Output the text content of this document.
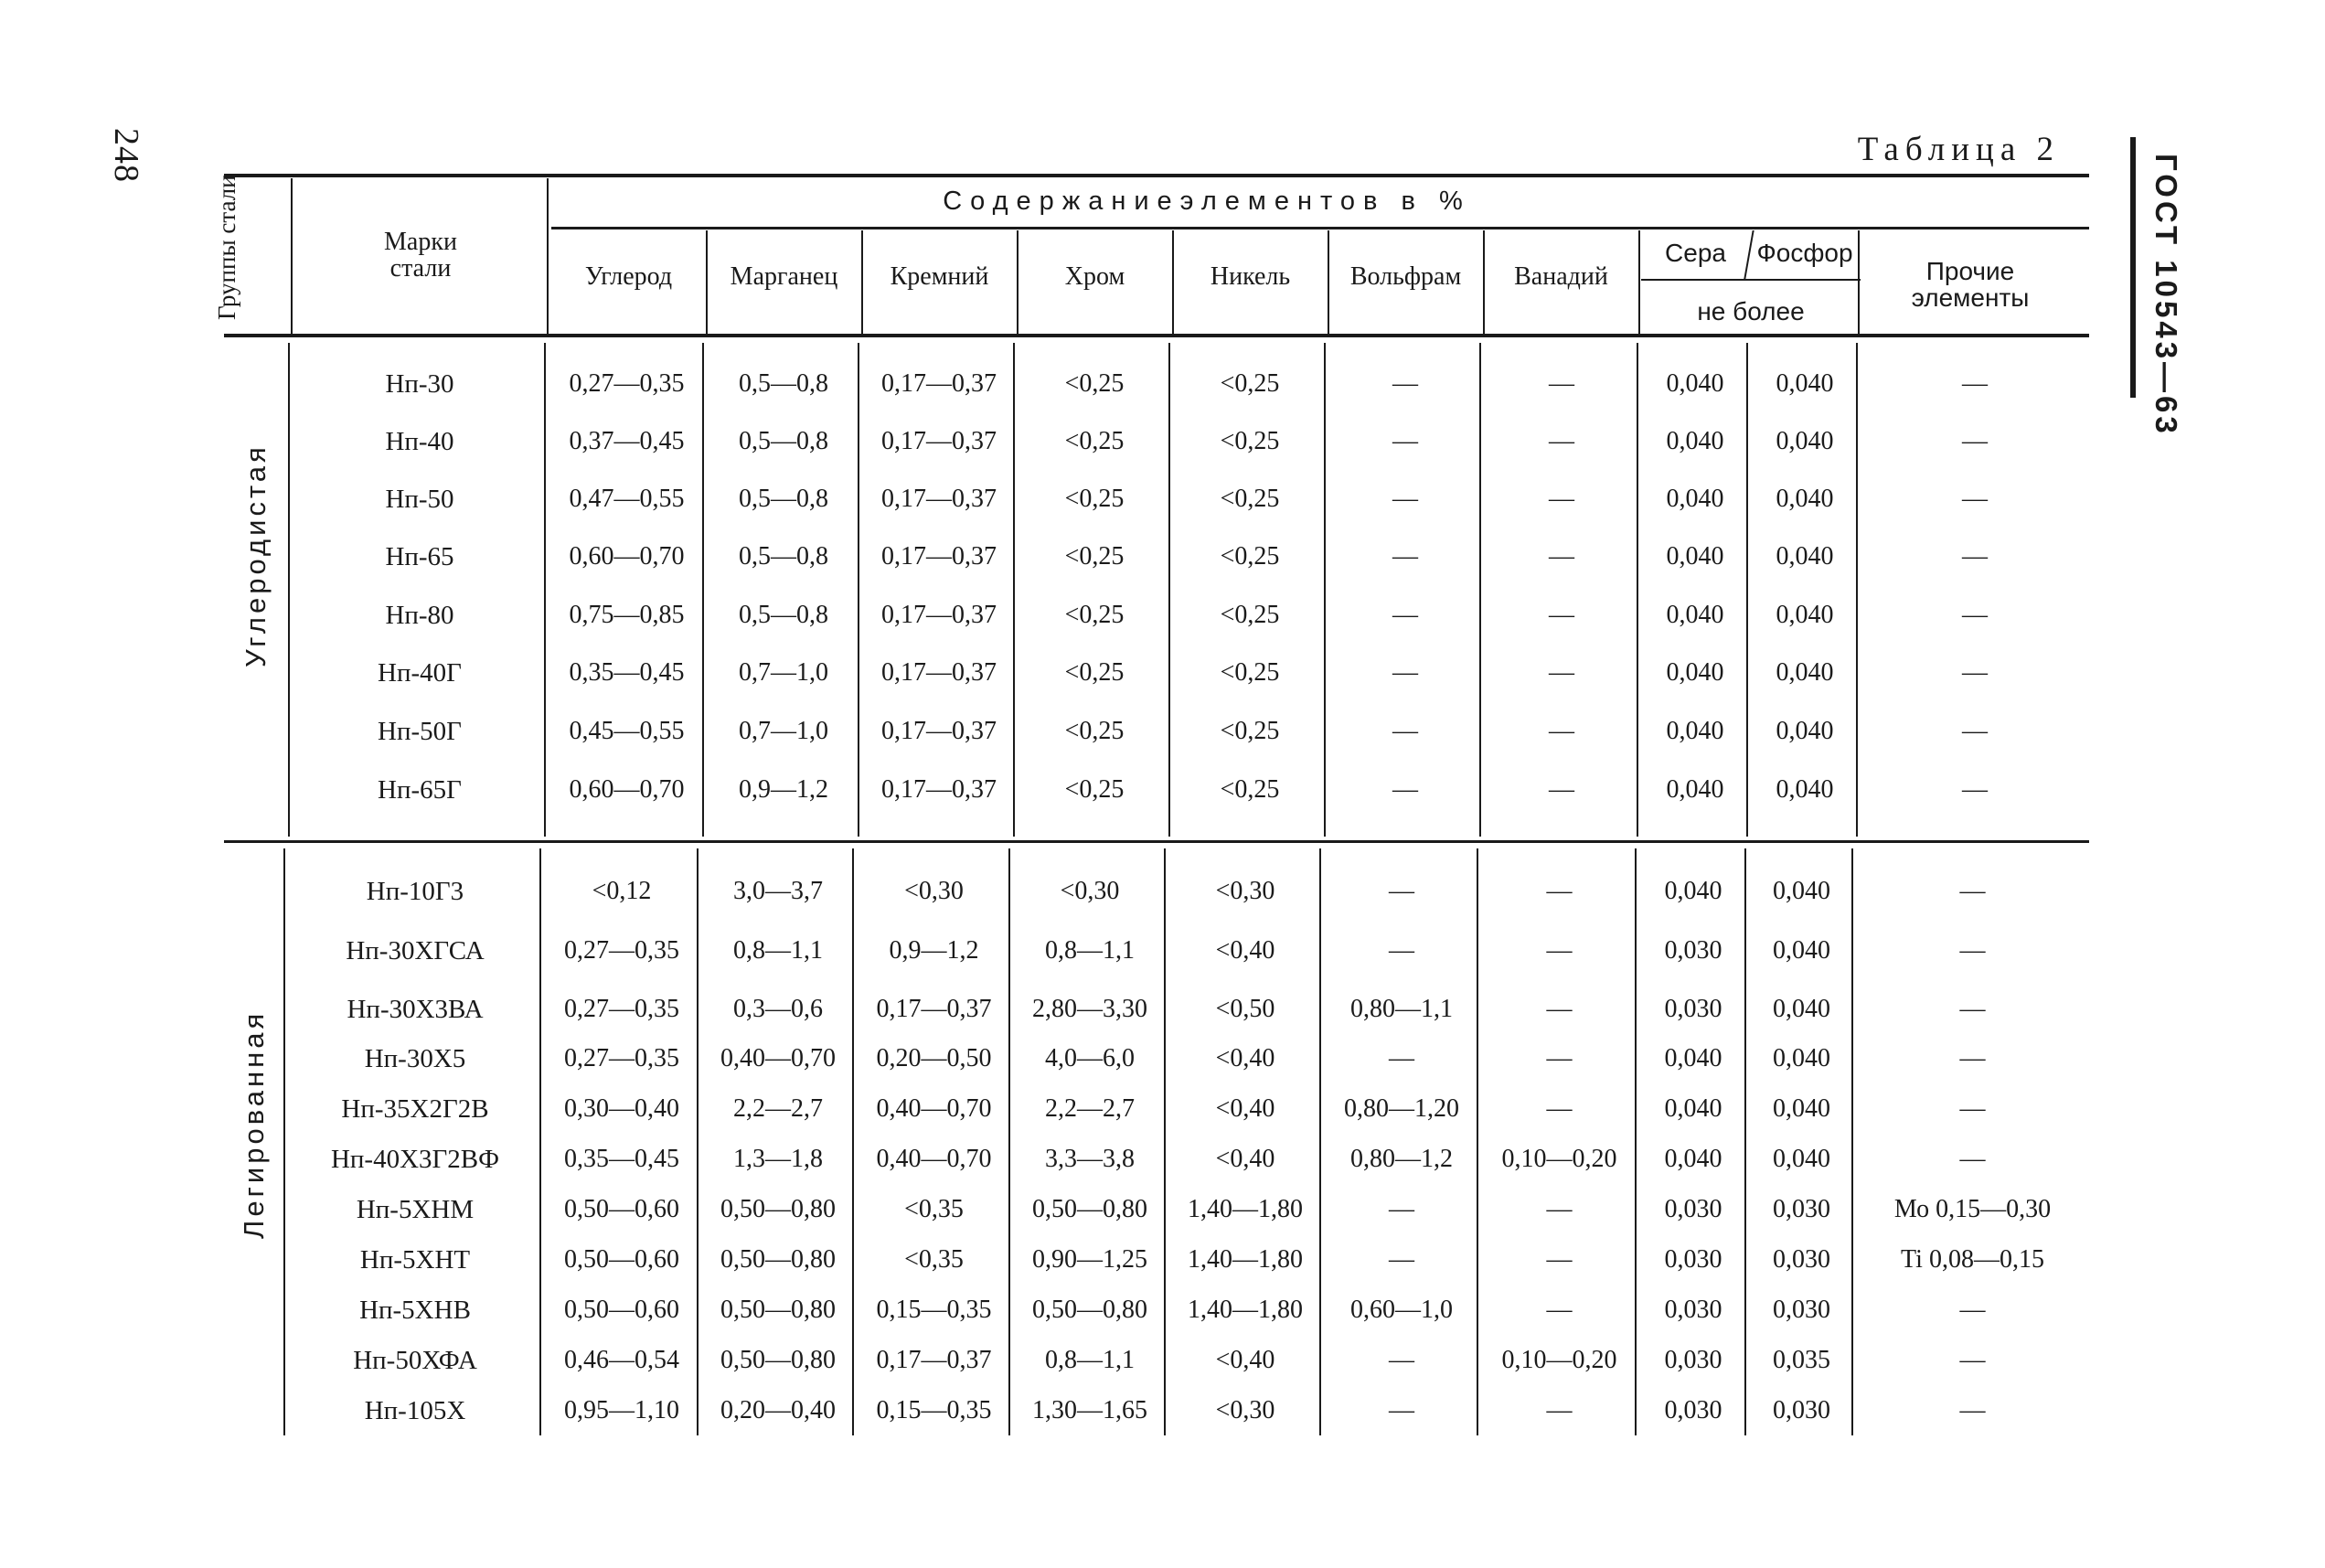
248	ГОСТ 10543—63
Таблица 2
Группы стали	Марки стали
Содержаниеэлементов в %
Углерод	Марганец	Кремний	Хром	Никель	Вольфрам	Ванадий
Сера	Фосфор
не более
Прочие элементы
Углеродистая
Легированная
Нп-30	0,27—0,35	0,5—0,8	0,17—0,37	<0,25	<0,25	—	—	0,040	0,040	—
Нп-40	0,37—0,45	0,5—0,8	0,17—0,37	<0,25	<0,25	—	—	0,040	0,040	—
Нп-50	0,47—0,55	0,5—0,8	0,17—0,37	<0,25	<0,25	—	—	0,040	0,040	—
Нп-65	0,60—0,70	0,5—0,8	0,17—0,37	<0,25	<0,25	—	—	0,040	0,040	—
Нп-80	0,75—0,85	0,5—0,8	0,17—0,37	<0,25	<0,25	—	—	0,040	0,040	—
Нп-40Г	0,35—0,45	0,7—1,0	0,17—0,37	<0,25	<0,25	—	—	0,040	0,040	—
Нп-50Г	0,45—0,55	0,7—1,0	0,17—0,37	<0,25	<0,25	—	—	0,040	0,040	—
Нп-65Г	0,60—0,70	0,9—1,2	0,17—0,37	<0,25	<0,25	—	—	0,040	0,040	—
Нп-10Г3	<0,12	3,0—3,7	<0,30	<0,30	<0,30	—	—	0,040	0,040	—
Нп-30ХГСА	0,27—0,35	0,8—1,1	0,9—1,2	0,8—1,1	<0,40	—	—	0,030	0,040	—
Нп-30Х3ВА	0,27—0,35	0,3—0,6	0,17—0,37	2,80—3,30	<0,50	0,80—1,1	—	0,030	0,040	—
Нп-30Х5	0,27—0,35	0,40—0,70	0,20—0,50	4,0—6,0	<0,40	—	—	0,040	0,040	—
Нп-35Х2Г2В	0,30—0,40	2,2—2,7	0,40—0,70	2,2—2,7	<0,40	0,80—1,20	—	0,040	0,040	—
Нп-40Х3Г2ВФ	0,35—0,45	1,3—1,8	0,40—0,70	3,3—3,8	<0,40	0,80—1,2	0,10—0,20	0,040	0,040	—
Нп-5ХНМ	0,50—0,60	0,50—0,80	<0,35	0,50—0,80	1,40—1,80	—	—	0,030	0,030	Мо 0,15—0,30
Нп-5ХНТ	0,50—0,60	0,50—0,80	<0,35	0,90—1,25	1,40—1,80	—	—	0,030	0,030	Ti 0,08—0,15
Нп-5ХНВ	0,50—0,60	0,50—0,80	0,15—0,35	0,50—0,80	1,40—1,80	0,60—1,0	—	0,030	0,030	—
Нп-50ХФА	0,46—0,54	0,50—0,80	0,17—0,37	0,8—1,1	<0,40	—	0,10—0,20	0,030	0,035	—
Нп-105Х	0,95—1,10	0,20—0,40	0,15—0,35	1,30—1,65	<0,30	—	—	0,030	0,030	—
